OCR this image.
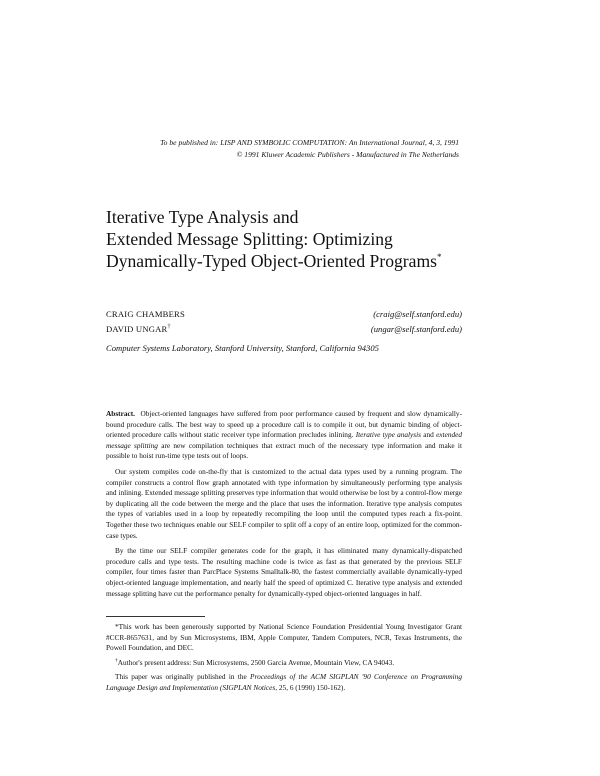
To be published in: LISP AND SYMBOLIC COMPUTATION: An International Journal, 4, 3, 1991
© 1991 Kluwer Academic Publishers - Manufactured in The Netherlands
Iterative Type Analysis and
Extended Message Splitting: Optimizing
Dynamically-Typed Object-Oriented Programs*
CRAIG CHAMBERS	(craig@self.stanford.edu)
DAVID UNGAR†	(ungar@self.stanford.edu)
Computer Systems Laboratory, Stanford University, Stanford, California 94305

Abstract. Object-oriented languages have suffered from poor performance caused by frequent and slow dynamically-bound procedure calls. The best way to speed up a procedure call is to compile it out, but dynamic binding of object-oriented procedure calls without static receiver type information precludes inlining. Iterative type analysis and extended message splitting are new compilation techniques that extract much of the necessary type information and make it possible to hoist run-time type tests out of loops.

Our system compiles code on-the-fly that is customized to the actual data types used by a running program. The compiler constructs a control flow graph annotated with type information by simultaneously performing type analysis and inlining. Extended message splitting preserves type information that would otherwise be lost by a control-flow merge by duplicating all the code between the merge and the place that uses the information. Iterative type analysis computes the types of variables used in a loop by repeatedly recompiling the loop until the computed types reach a fix-point. Together these two techniques enable our SELF compiler to split off a copy of an entire loop, optimized for the common-case types.

By the time our SELF compiler generates code for the graph, it has eliminated many dynamically-dispatched procedure calls and type tests. The resulting machine code is twice as fast as that generated by the previous SELF compiler, four times faster than ParcPlace Systems Smalltalk-80, the fastest commercially available dynamically-typed object-oriented language implementation, and nearly half the speed of optimized C. Iterative type analysis and extended message splitting have cut the performance penalty for dynamically-typed object-oriented languages in half.

*This work has been generously supported by National Science Foundation Presidential Young Investigator Grant #CCR-8657631, and by Sun Microsystems, IBM, Apple Computer, Tandem Computers, NCR, Texas Instruments, the Powell Foundation, and DEC.

†Author's present address: Sun Microsystems, 2500 Garcia Avenue, Mountain View, CA 94043.

This paper was originally published in the Proceedings of the ACM SIGPLAN '90 Conference on Programming Language Design and Implementation (SIGPLAN Notices, 25, 6 (1990) 150-162).
